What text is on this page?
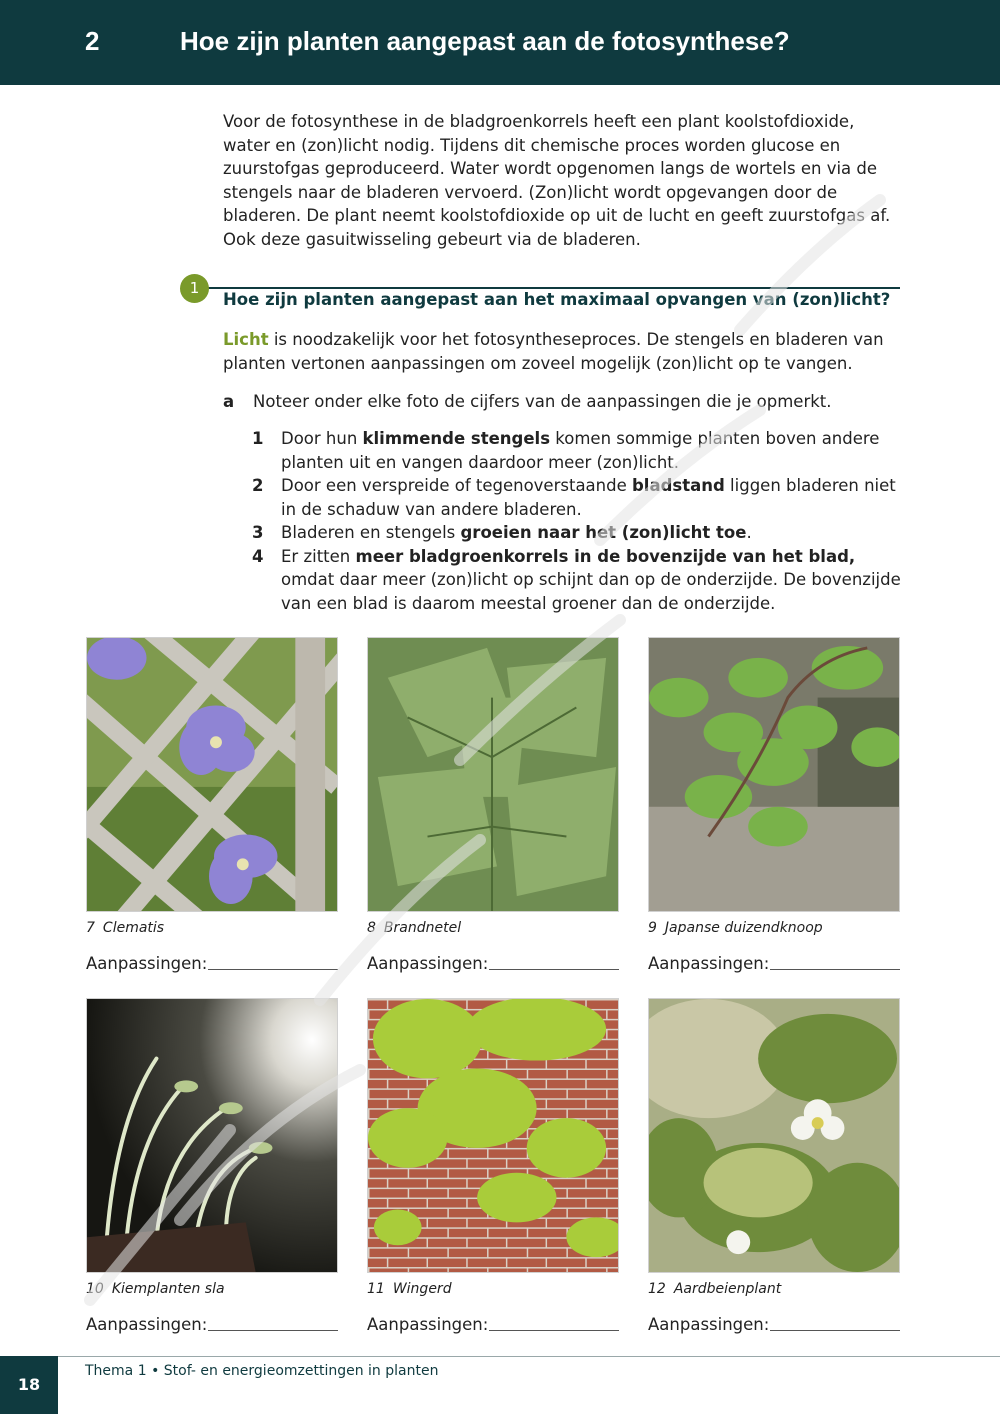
2	Hoe zijn planten aangepast aan de fotosynthese?

Voor de fotosynthese in de bladgroenkorrels heeft een plant koolstofdioxide, water en (zon)licht nodig. Tijdens dit chemische proces worden glucose en zuurstofgas geproduceerd. Water wordt opgenomen langs de wortels en via de stengels naar de bladeren vervoerd. (Zon)licht wordt opgevangen door de bladeren. De plant neemt koolstofdioxide op uit de lucht en geeft zuurstofgas af. Ook deze gasuitwisseling gebeurt via de bladeren.

1
Hoe zijn planten aangepast aan het maximaal opvangen van (zon)licht?

Licht is noodzakelijk voor het fotosyntheseproces. De stengels en bladeren van planten vertonen aanpassingen om zoveel mogelijk (zon)licht op te vangen.

a Noteer onder elke foto de cijfers van de aanpassingen die je opmerkt.

1	Door hun klimmende stengels komen sommige planten boven andere planten uit en vangen daardoor meer (zon)licht.
2	Door een verspreide of tegenoverstaande bladstand liggen bladeren niet in de schaduw van andere bladeren.
3	Bladeren en stengels groeien naar het (zon)licht toe.
4	Er zitten meer bladgroenkorrels in de bovenzijde van het blad, omdat daar meer (zon)licht op schijnt dan op de onderzijde. De bovenzijde van een blad is daarom meestal groener dan de onderzijde.
7 Clematis
Aanpassingen:
8 Brandnetel
Aanpassingen:
9 Japanse duizendknoop
Aanpassingen:
10 Kiemplanten sla
Aanpassingen:
11 Wingerd
Aanpassingen:
12 Aardbeienplant
Aanpassingen:
18
Thema 1 • Stof- en energieomzettingen in planten
